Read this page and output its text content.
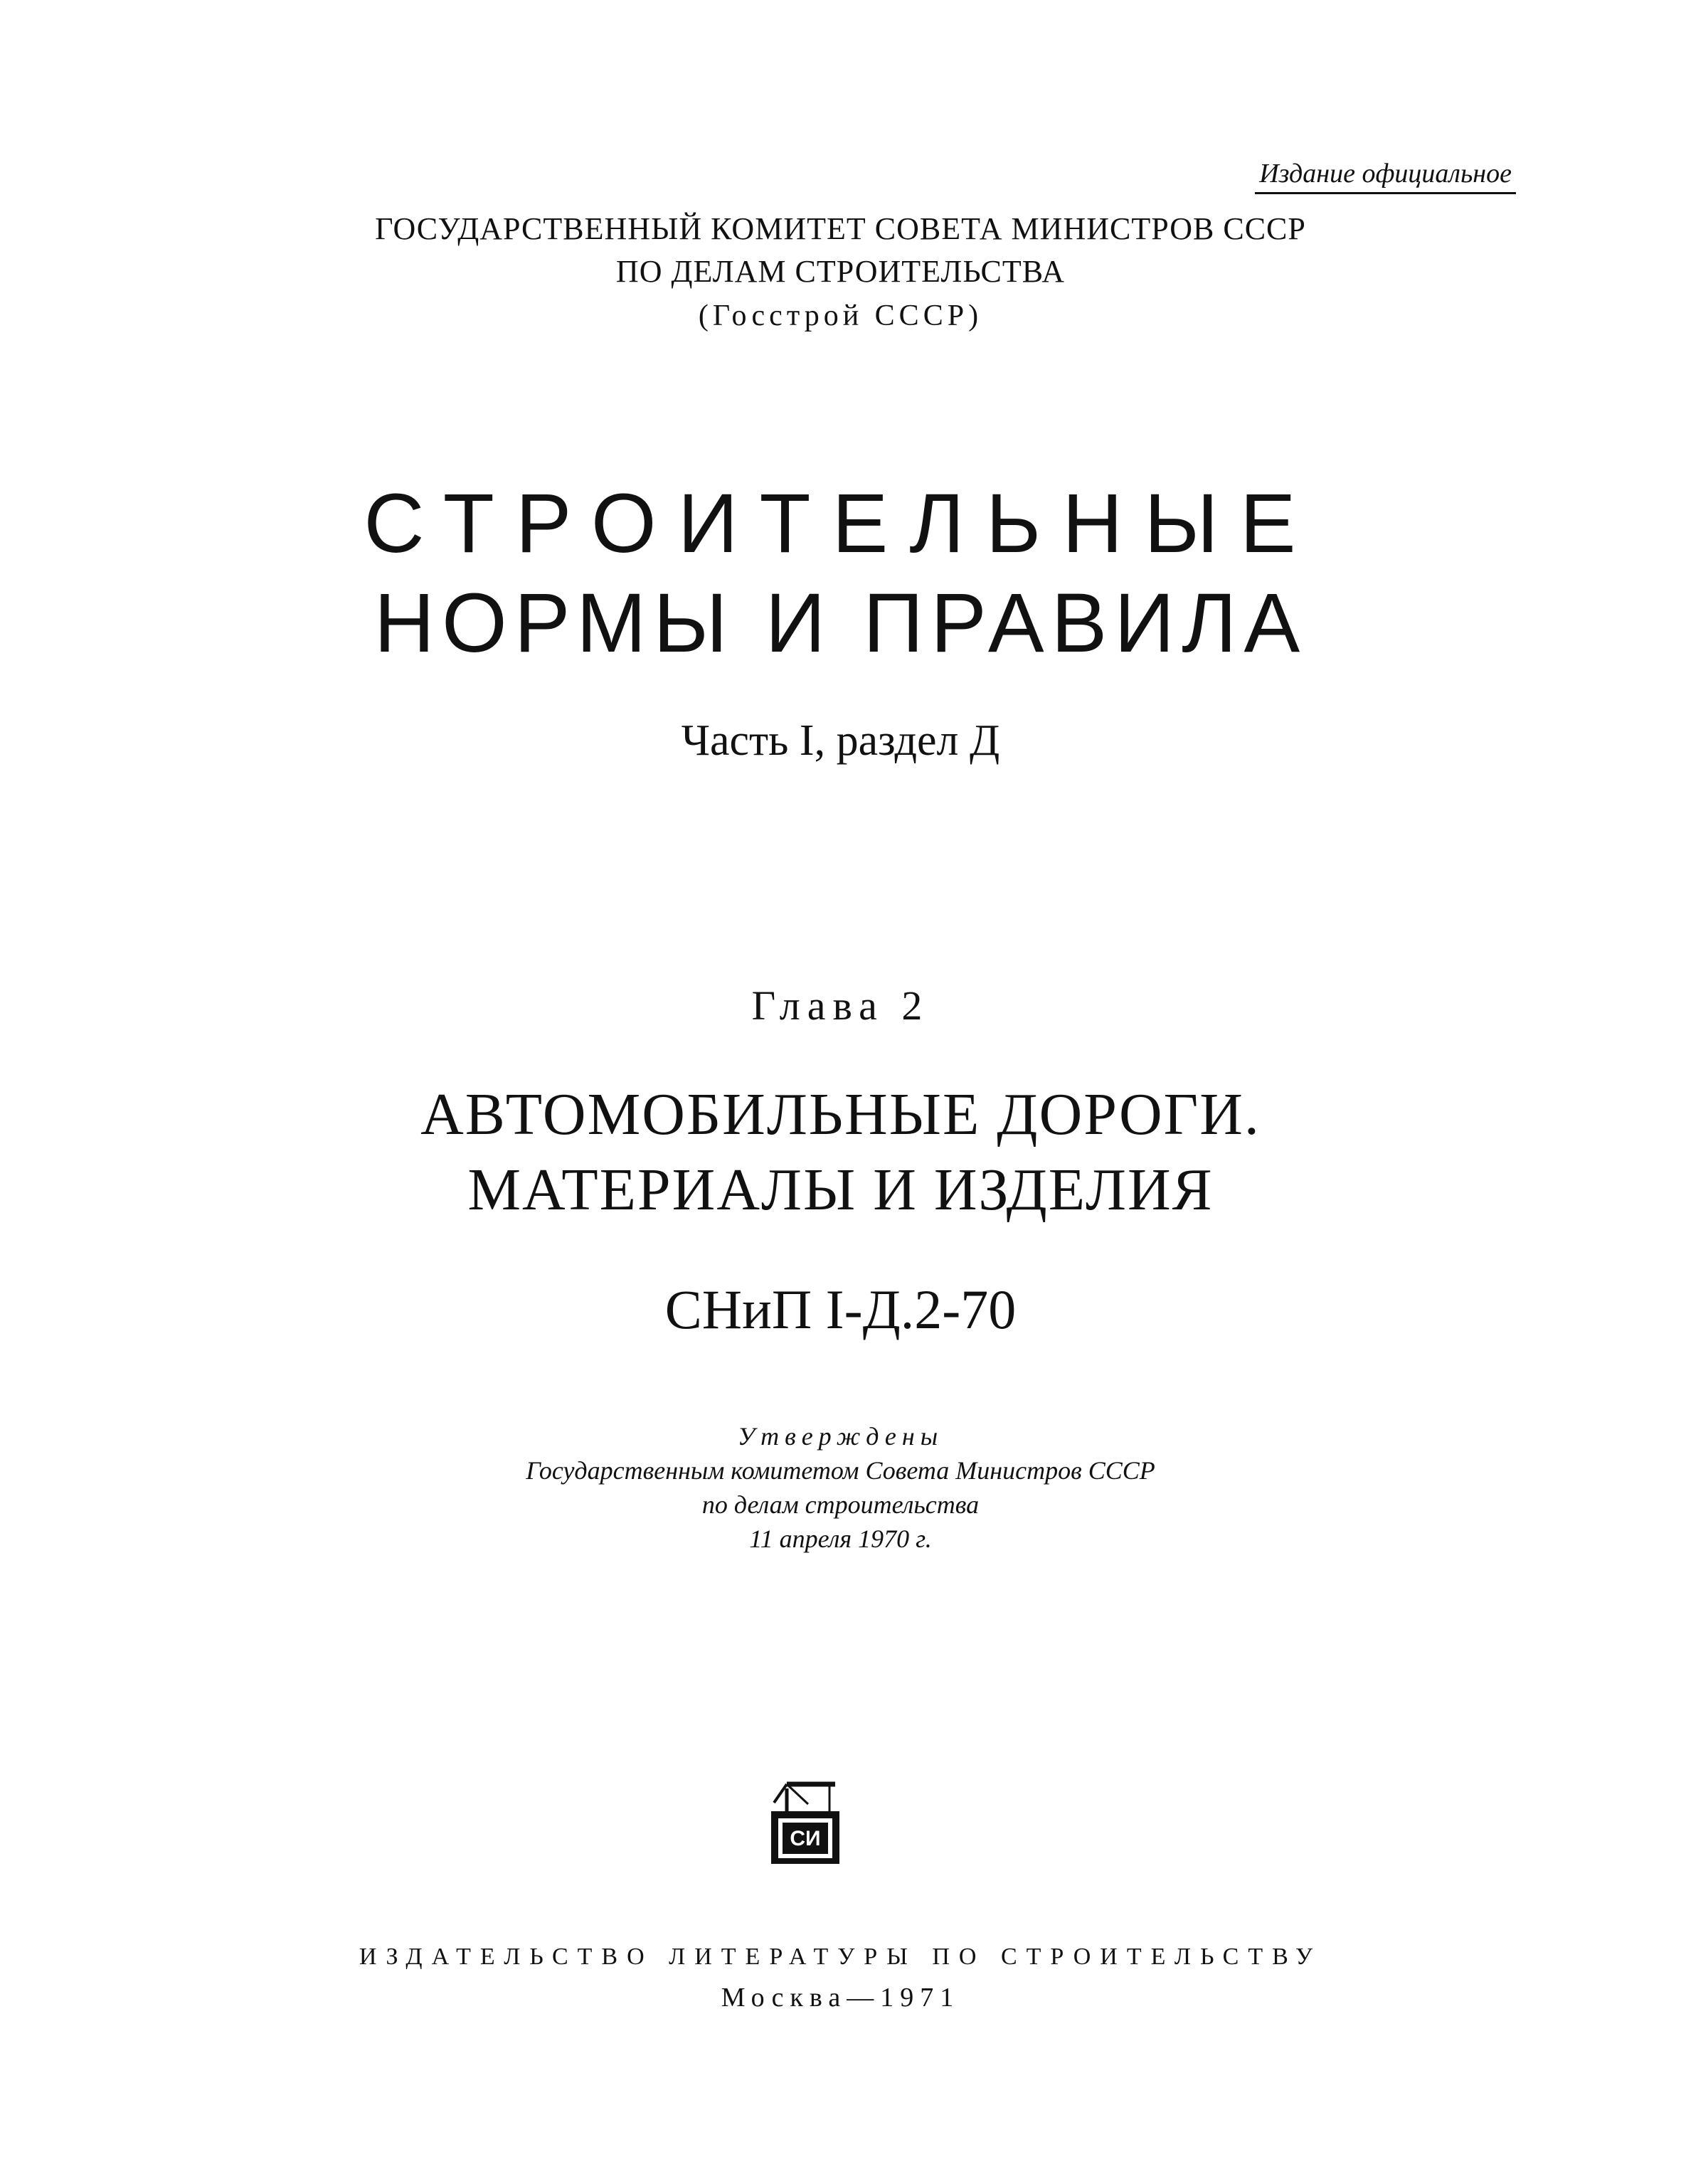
Издание официальное

ГОСУДАРСТВЕННЫЙ КОМИТЕТ СОВЕТА МИНИСТРОВ СССР

ПО ДЕЛАМ СТРОИТЕЛЬСТВА

(Госстрой СССР)

СТРОИТЕЛЬНЫЕ

НОРМЫ И ПРАВИЛА

Часть I, раздел Д

Глава 2

АВТОМОБИЛЬНЫЕ ДОРОГИ.

МАТЕРИАЛЫ И ИЗДЕЛИЯ

СНиП I-Д.2-70

Утверждены

Государственным комитетом Совета Министров СССР

по делам строительства

11 апреля 1970 г.

СИ

ИЗДАТЕЛЬСТВО ЛИТЕРАТУРЫ ПО СТРОИТЕЛЬСТВУ

Москва—1971
